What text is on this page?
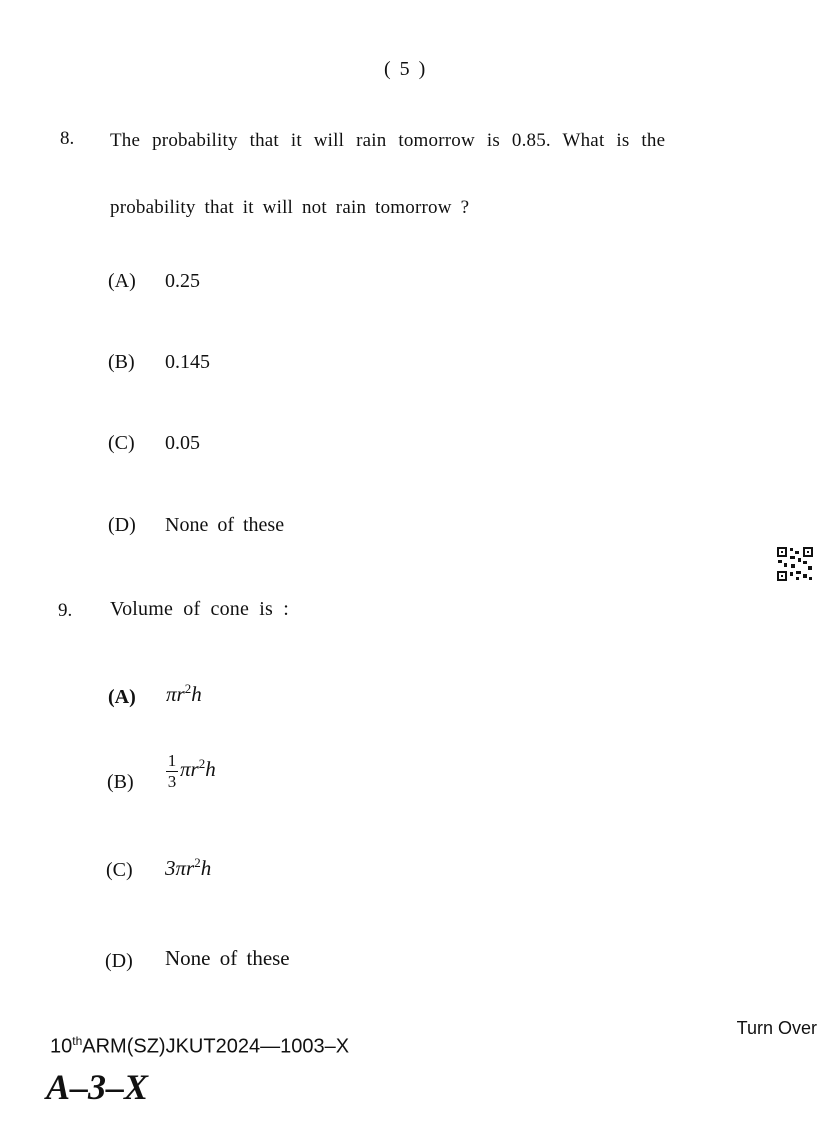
( 5 )
8. The probability that it will rain tomorrow is 0.85. What is the
probability that it will not rain tomorrow ?
(A) 0.25
(B) 0.145
(C) 0.05
(D) None of these
9. Volume of cone is :
(A) $\pi r^2h$
$(B) \frac{1}{3} \pi r^2h$
(C) $3\pi r^2h$
(D) None of these
Turn Over
10thARM(SZ)JKUT2024—1003–X
A–3–X
